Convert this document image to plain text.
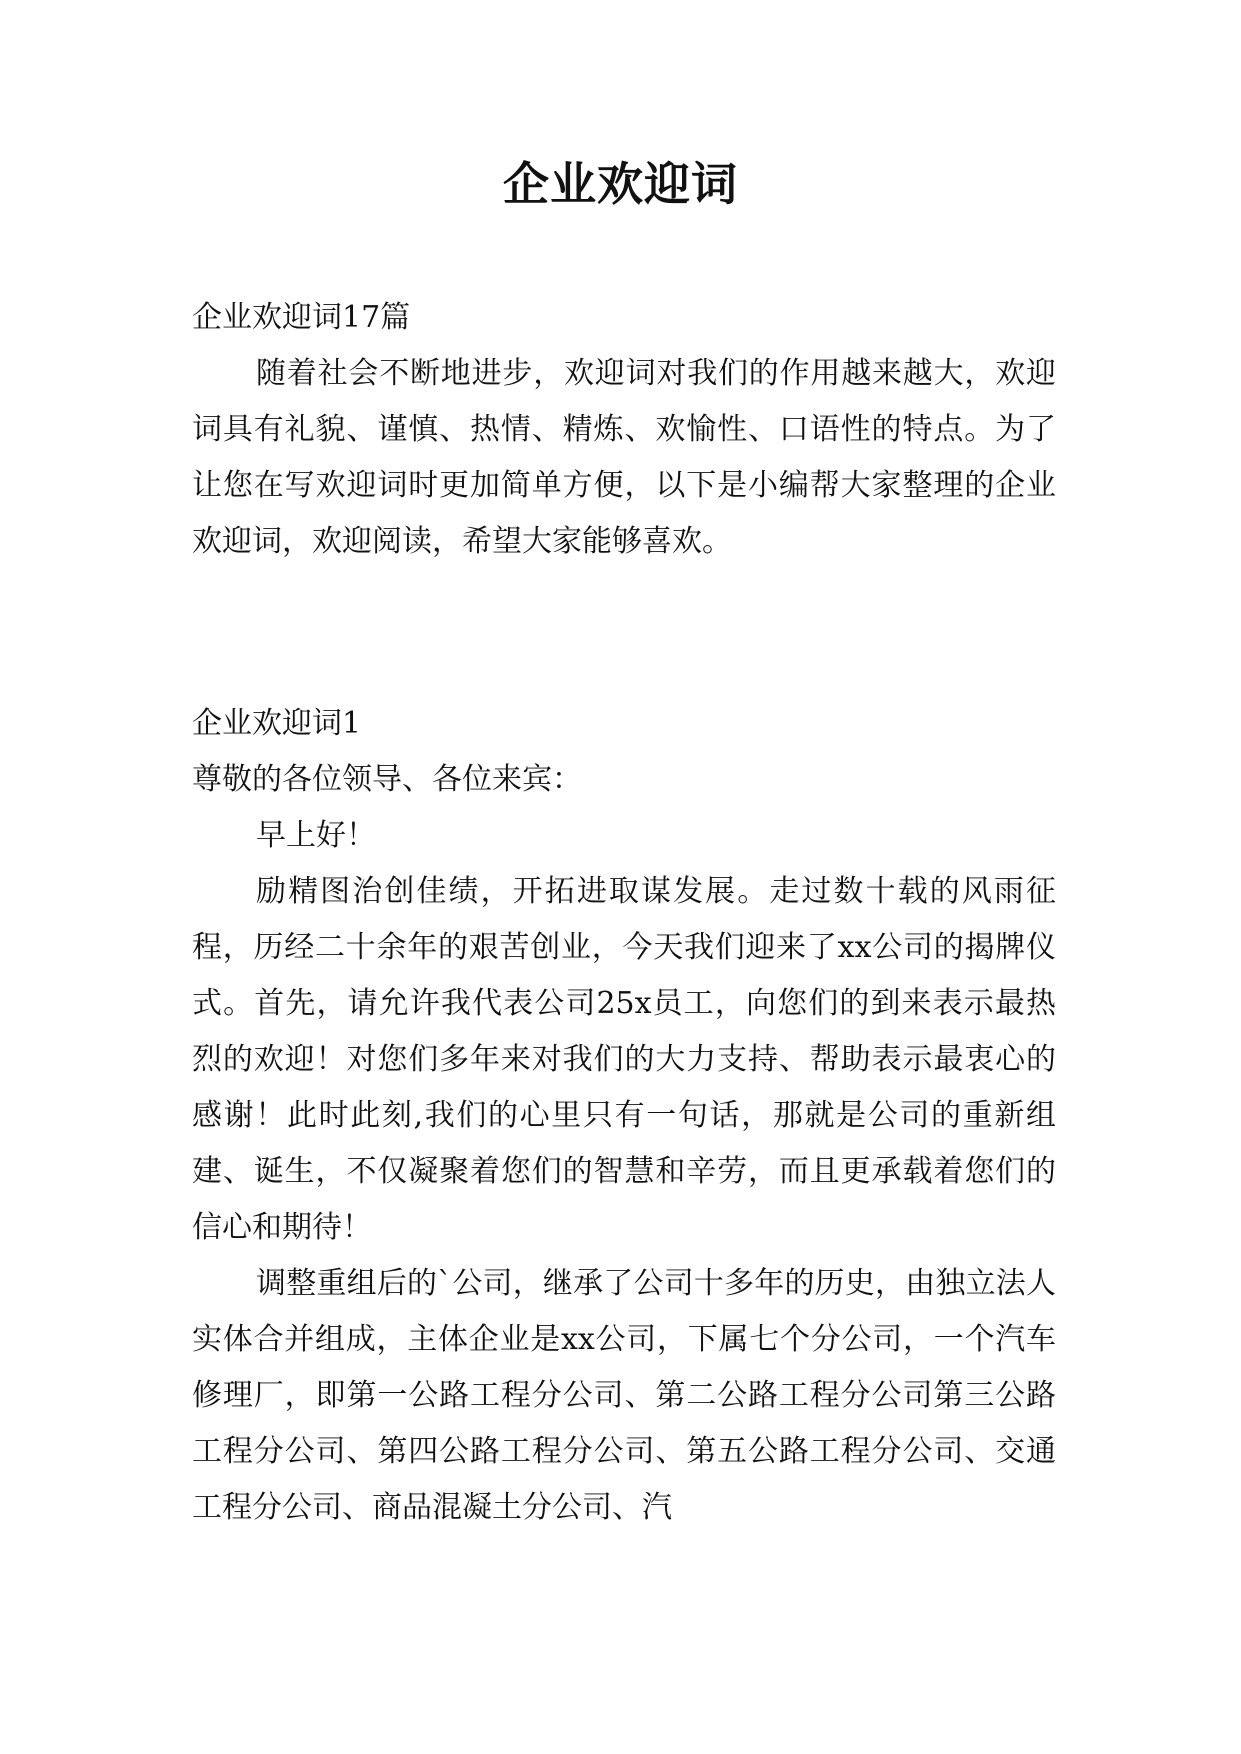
企业欢迎词

企业欢迎词17篇

随着社会不断地进步，欢迎词对我们的作用越来越大，欢迎词具有礼貌、谨慎、热情、精炼、欢愉性、口语性的特点。为了让您在写欢迎词时更加简单方便，以下是小编帮大家整理的企业欢迎词，欢迎阅读，希望大家能够喜欢。

企业欢迎词1

尊敬的各位领导、各位来宾：

早上好！

励精图治创佳绩，开拓进取谋发展。走过数十载的风雨征程，历经二十余年的艰苦创业，今天我们迎来了xx公司的揭牌仪式。首先，请允许我代表公司25x员工，向您们的到来表示最热烈的欢迎！对您们多年来对我们的大力支持、帮助表示最衷心的感谢！此时此刻,我们的心里只有一句话，那就是公司的重新组建、诞生，不仅凝聚着您们的智慧和辛劳，而且更承载着您们的信心和期待！

调整重组后的`公司，继承了公司十多年的历史，由独立法人实体合并组成，主体企业是xx公司，下属七个分公司，一个汽车修理厂，即第一公路工程分公司、第二公路工程分公司第三公路工程分公司、第四公路工程分公司、第五公路工程分公司、交通工程分公司、商品混凝土分公司、汽
